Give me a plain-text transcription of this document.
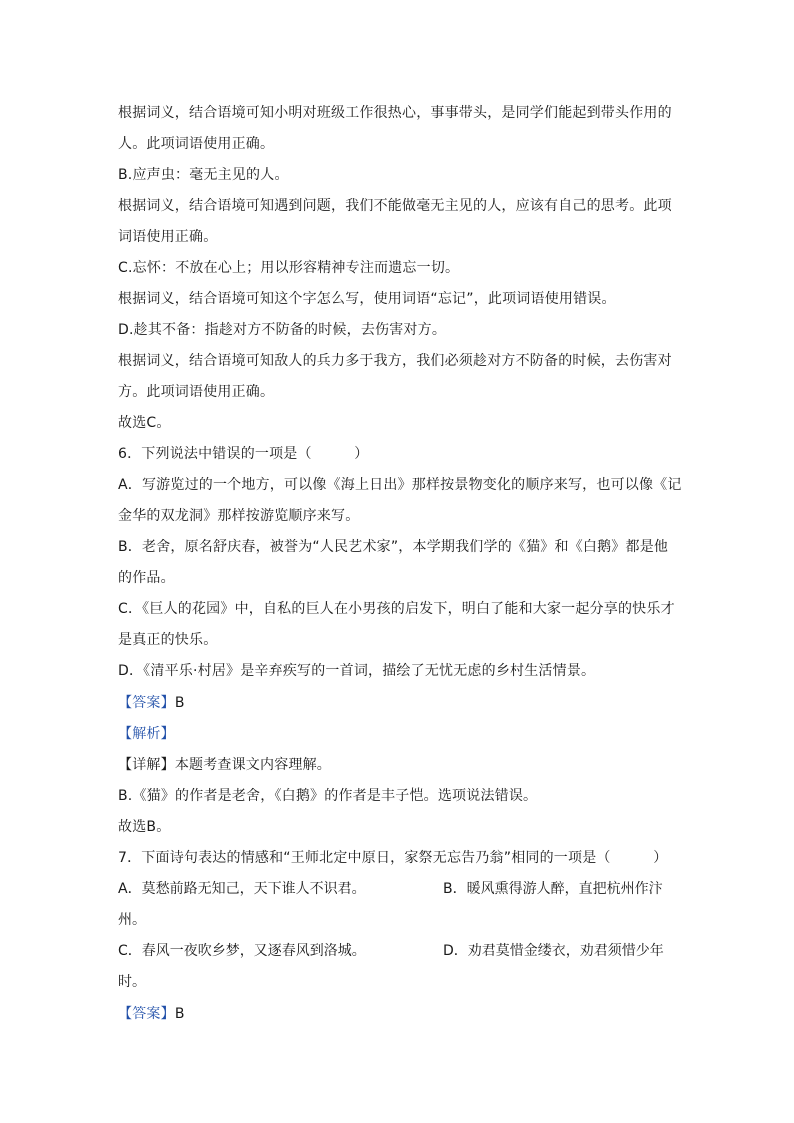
根据词义，结合语境可知小明对班级工作很热心，事事带头，是同学们能起到带头作用的
人。此项词语使用正确。
B.应声虫：毫无主见的人。
根据词义，结合语境可知遇到问题，我们不能做毫无主见的人，应该有自己的思考。此项
词语使用正确。
C.忘怀：不放在心上；用以形容精神专注而遗忘一切。
根据词义，结合语境可知这个字怎么写，使用词语“忘记”，此项词语使用错误。
D.趁其不备：指趁对方不防备的时候，去伤害对方。
根据词义，结合语境可知敌人的兵力多于我方，我们必须趁对方不防备的时候，去伤害对
方。此项词语使用正确。
故选C。
6．下列说法中错误的一项是（　　　）
A．写游览过的一个地方，可以像《海上日出》那样按景物变化的顺序来写，也可以像《记
金华的双龙洞》那样按游览顺序来写。
B．老舍，原名舒庆春，被誉为“人民艺术家”，本学期我们学的《猫》和《白鹅》都是他
的作品。
C．《巨人的花园》中，自私的巨人在小男孩的启发下，明白了能和大家一起分享的快乐才
是真正的快乐。
D．《清平乐·村居》是辛弃疾写的一首词，描绘了无忧无虑的乡村生活情景。
【答案】B
【解析】
【详解】本题考查课文内容理解。
B.《猫》的作者是老舍，《白鹅》的作者是丰子恺。选项说法错误。
故选B。
7．下面诗句表达的情感和“王师北定中原日，家祭无忘告乃翁”相同的一项是（　　　）
A．莫愁前路无知己，天下谁人不识君。	B．暖风熏得游人醉，直把杭州作汴
州。
C．春风一夜吹乡梦，又逐春风到洛城。	D．劝君莫惜金缕衣，劝君须惜少年
时。
【答案】B
